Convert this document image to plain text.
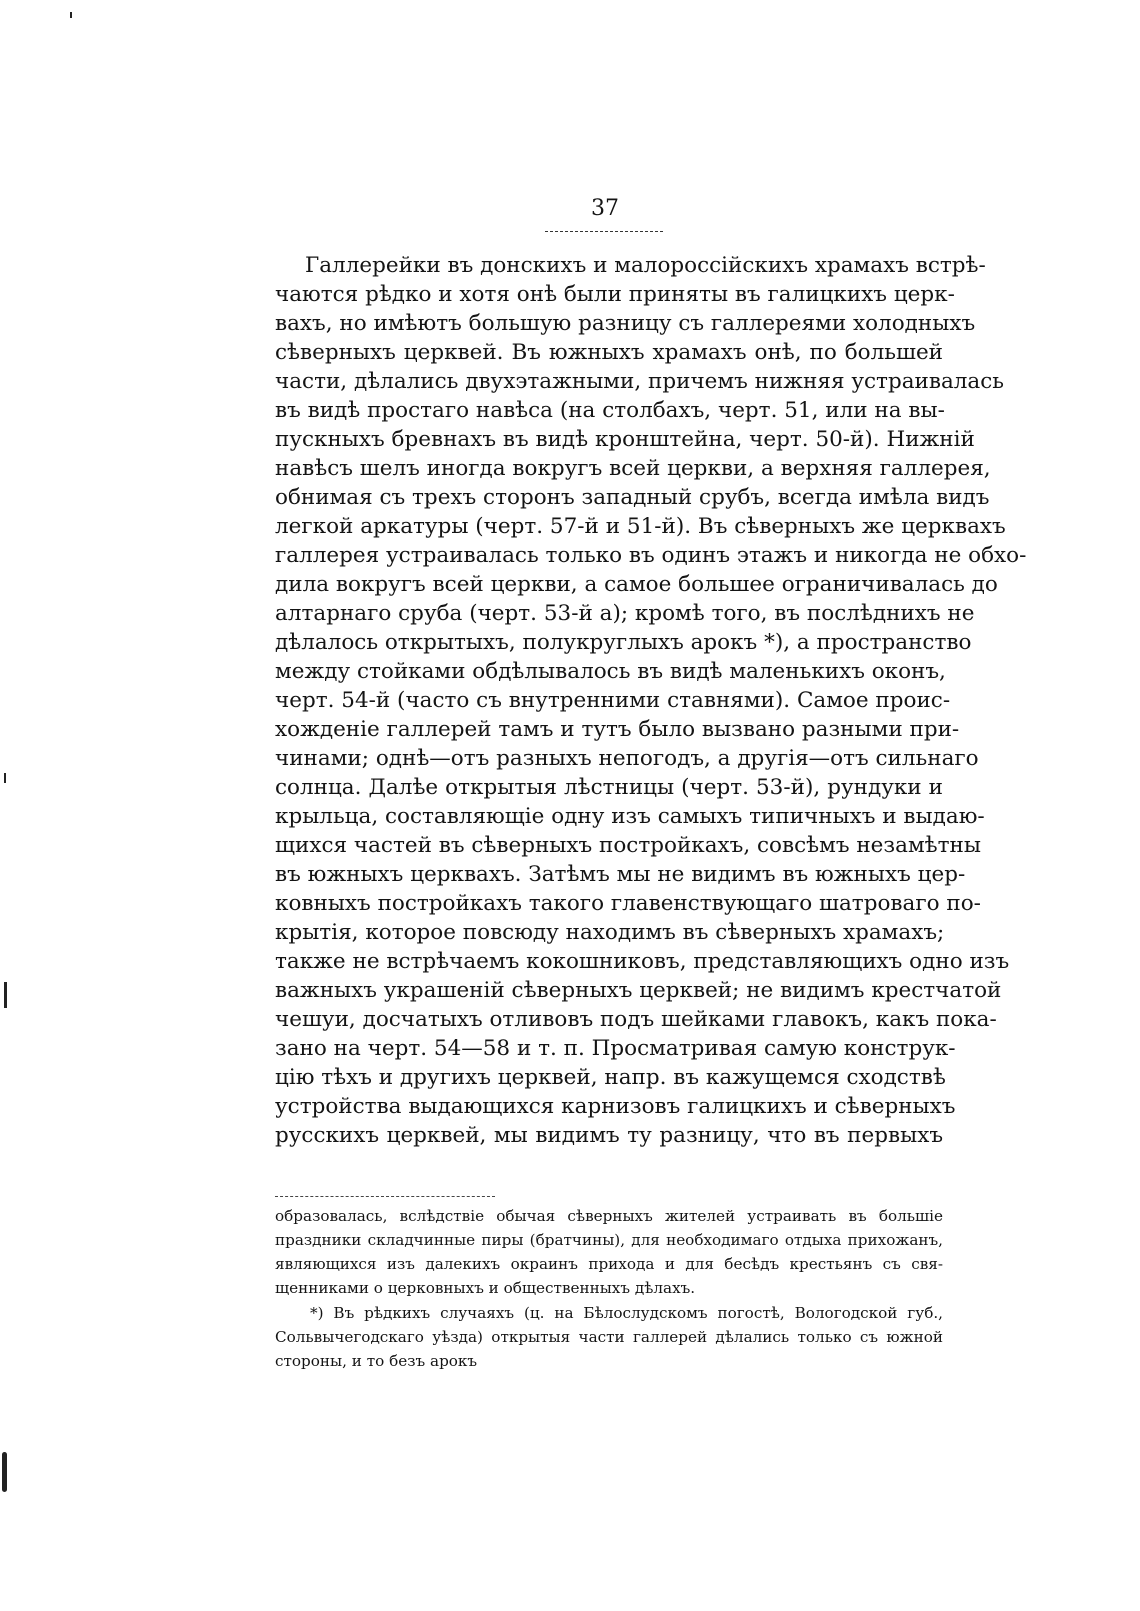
37

Галлерейки въ донскихъ и малороссійскихъ храмахъ встрѣ-

чаются рѣдко и хотя онѣ были приняты въ галицкихъ церк-

вахъ, но имѣютъ большую разницу съ галлереями холодныхъ

сѣверныхъ церквей. Въ южныхъ храмахъ онѣ, по большей

части, дѣлались двухэтажными, причемъ нижняя устраивалась

въ видѣ простаго навѣса (на столбахъ, черт. 51, или на вы-

пускныхъ бревнахъ въ видѣ кронштейна, черт. 50-й). Нижній

навѣсъ шелъ иногда вокругъ всей церкви, а верхняя галлерея,

обнимая съ трехъ сторонъ западный срубъ, всегда имѣла видъ

легкой аркатуры (черт. 57-й и 51-й). Въ сѣверныхъ же церквахъ

галлерея устраивалась только въ одинъ этажъ и никогда не обхо-

дила вокругъ всей церкви, а самое большее ограничивалась до

алтарнаго сруба (черт. 53-й а); кромѣ того, въ послѣднихъ не

дѣлалось открытыхъ, полукруглыхъ арокъ *), а пространство

между стойками обдѣлывалось въ видѣ маленькихъ оконъ,

черт. 54-й (часто съ внутренними ставнями). Самое проис-

хожденіе галлерей тамъ и тутъ было вызвано разными при-

чинами; однѣ—отъ разныхъ непогодъ, а другія—отъ сильнаго

солнца. Далѣе открытыя лѣстницы (черт. 53-й), рундуки и

крыльца, составляющіе одну изъ самыхъ типичныхъ и выдаю-

щихся частей въ сѣверныхъ постройкахъ, совсѣмъ незамѣтны

въ южныхъ церквахъ. Затѣмъ мы не видимъ въ южныхъ цер-

ковныхъ постройкахъ такого главенствующаго шатроваго по-

крытія, которое повсюду находимъ въ сѣверныхъ храмахъ;

также не встрѣчаемъ кокошниковъ, представляющихъ одно изъ

важныхъ украшеній сѣверныхъ церквей; не видимъ крестчатой

чешуи, досчатыхъ отливовъ подъ шейками главокъ, какъ пока-

зано на черт. 54—58 и т. п. Просматривая самую конструк-

цію тѣхъ и другихъ церквей, напр. въ кажущемся сходствѣ

устройства выдающихся карнизовъ галицкихъ и сѣверныхъ

русскихъ церквей, мы видимъ ту разницу, что въ первыхъ

образовалась, вслѣдствіе обычая сѣверныхъ жителей устраивать въ большіе

праздники складчинные пиры (братчины), для необходимаго отдыха прихожанъ,

являющихся изъ далекихъ окраинъ прихода и для бесѣдъ крестьянъ съ свя-

щенниками о церковныхъ и общественныхъ дѣлахъ.

*) Въ рѣдкихъ случаяхъ (ц. на Бѣлослудскомъ погостѣ, Вологодской губ.,

Сольвычегодскаго уѣзда) открытыя части галлерей дѣлались только съ южной

стороны, и то безъ арокъ
